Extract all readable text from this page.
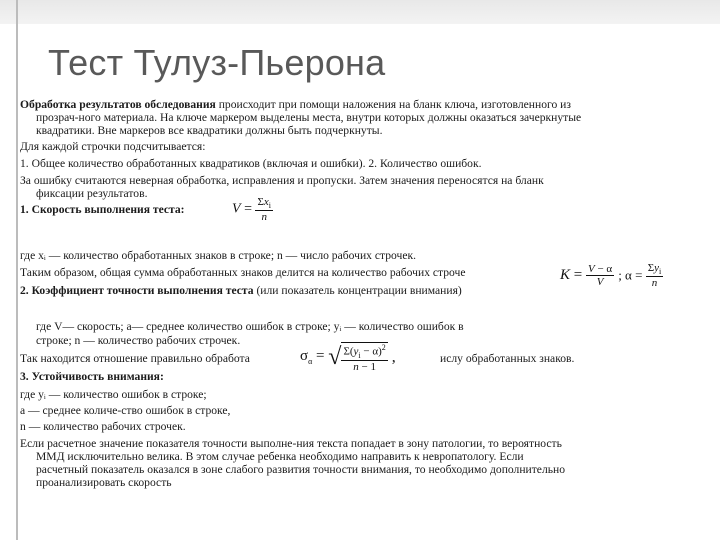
Тест Тулуз-Пьерона
Обработка результатов обследования происходит при помощи наложения на бланк ключа, изготовленного из
прозрач-ного материала. На ключе маркером выделены места, внутри которых должны оказаться зачеркнутые
квадратики. Вне маркеров все квадратики должны быть подчеркнуты.
Для каждой строчки подсчитывается:
1. Общее количество обработанных квадратиков (включая и ошибки). 2. Количество ошибок.
За ошибку считаются неверная обработка, исправления и пропуски. Затем значения переносятся на бланк
фиксации результатов.
1. Скорость выполнения теста:	$V = \frac{\Sigma x_i}{n}$
где xᵢ — количество обработанных знаков в строке; n — число рабочих строчек.
Таким образом, общая сумма обработанных знаков делится на количество рабочих строче
2. Коэффициент точности выполнения теста (или показатель концентрации внимания)
$K = \frac{V - \alpha}{V}$ ; $\alpha = \frac{\Sigma y_i}{n}$
где V— скорость; a— среднее количество ошибок в строке; yᵢ — количество ошибок в
строке; n — количество рабочих строчек.
Так находится отношение правильно обработа	ислу обработанных знаков.
$\sigma_\alpha$ = √ $\frac{\Sigma(y_i - \alpha)^2}{n - 1}$ ,
3. Устойчивость внимания:
где yᵢ — количество ошибок в строке;
a — среднее количе-ство ошибок в строке,
n — количество рабочих строчек.
Если расчетное значение показателя точности выполне-ния текста попадает в зону патологии, то вероятность
ММД исключительно велика. В этом случае ребенка необходимо направить к невропатологу. Если
расчетный показатель оказался в зоне слабого развития точности внимания, то необходимо дополнительно
проанализировать скорость
